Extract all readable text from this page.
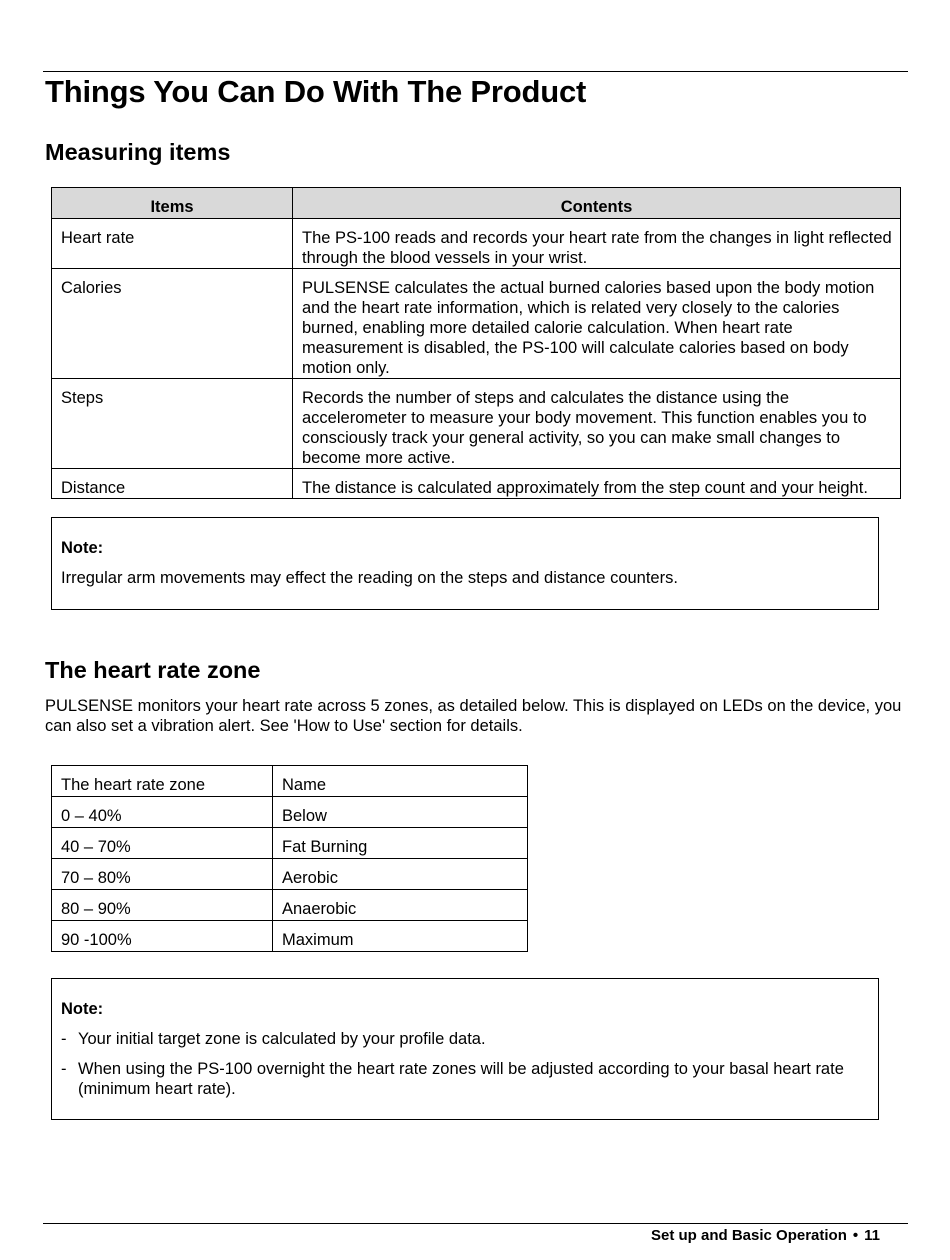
Things You Can Do With The Product
Measuring items
Items	Contents
Heart rate	The PS-100 reads and records your heart rate from the changes in light reflected through the blood vessels in your wrist.
Calories	PULSENSE calculates the actual burned calories based upon the body motion and the heart rate information, which is related very closely to the calories burned, enabling more detailed calorie calculation. When heart rate measurement is disabled, the PS-100 will calculate calories based on body motion only.
Steps	Records the number of steps and calculates the distance using the accelerometer to measure your body movement. This function enables you to consciously track your general activity, so you can make small changes to become more active.
Distance	The distance is calculated approximately from the step count and your height.
Note:
Irregular arm movements may effect the reading on the steps and distance counters.
The heart rate zone

PULSENSE monitors your heart rate across 5 zones, as detailed below. This is displayed on LEDs on the device, you can also set a vibration alert. See 'How to Use' section for details.

The heart rate zone	Name
0 – 40%	Below
40 – 70%	Fat Burning
70 – 80%	Aerobic
80 – 90%	Anaerobic
90 -100%	Maximum
Note:
- Your initial target zone is calculated by your profile data.
- When using the PS-100 overnight the heart rate zones will be adjusted according to your basal heart rate (minimum heart rate).
Set up and Basic Operation • 11
